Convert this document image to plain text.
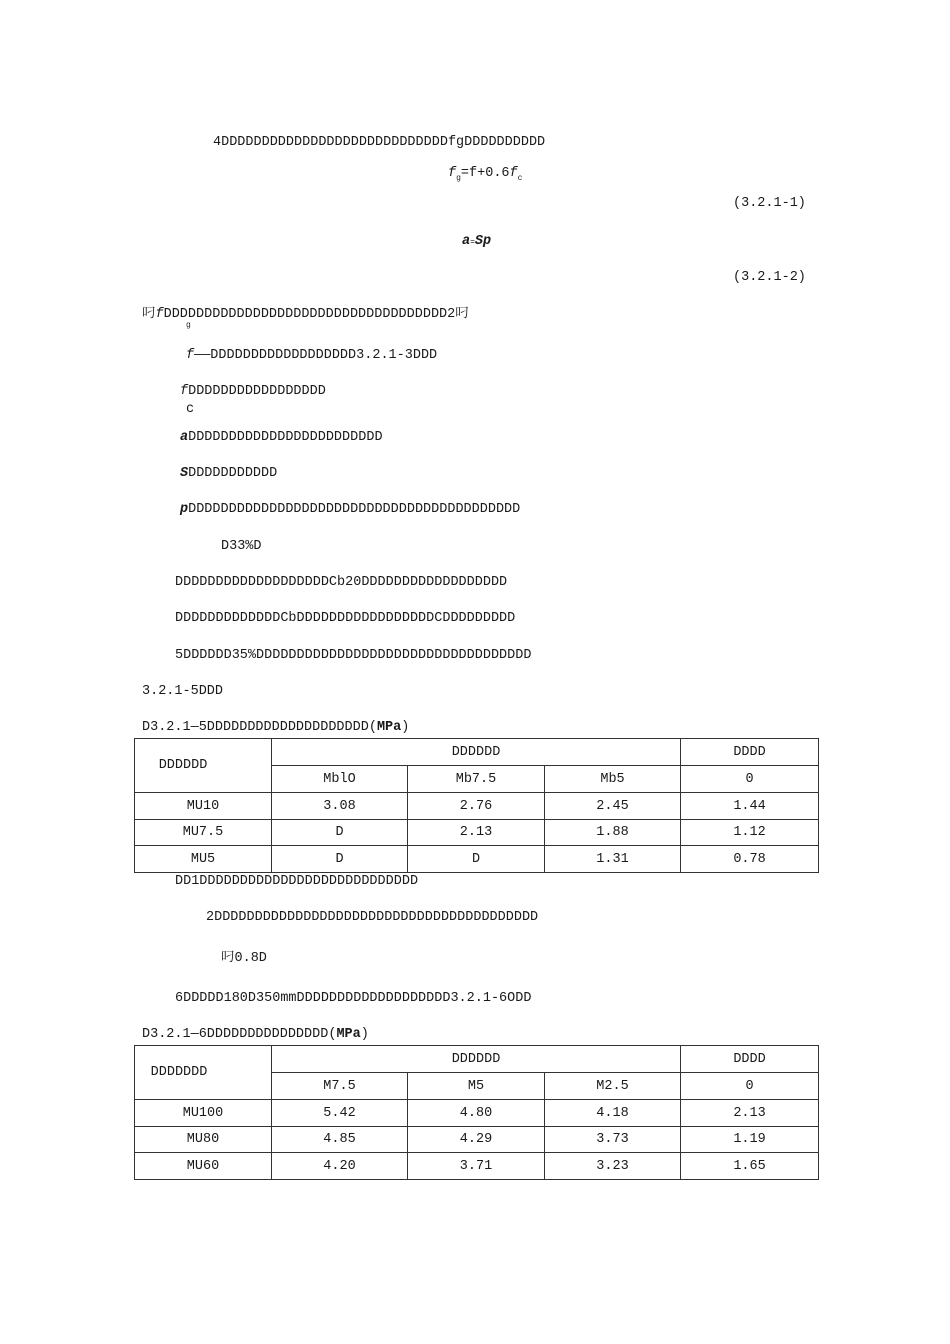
4DDDDDDDDDDDDDDDDDDDDDDDDDDDDfgDDDDDDDDDD
$f_g=f+0.6f_c$
(3.2.1-1)
a=Sp
(3.2.1-2)
叼fDDDDDDDDDDDDDDDDDDDDDDDDDDDDDDDDDDD2叼
g
f——DDDDDDDDDDDDDDDDDD3.2.1-3DDD
fDDDDDDDDDDDDDDDDD
c
aDDDDDDDDDDDDDDDDDDDDDDDD
SDDDDDDDDDDD
pDDDDDDDDDDDDDDDDDDDDDDDDDDDDDDDDDDDDDDDDD
D33%D
DDDDDDDDDDDDDDDDDDDCb20DDDDDDDDDDDDDDDDDD
DDDDDDDDDDDDDCbDDDDDDDDDDDDDDDDDCDDDDDDDDD
5DDDDDD35%DDDDDDDDDDDDDDDDDDDDDDDDDDDDDDDDDD
3.2.1-5DDD
D3.2.1—5DDDDDDDDDDDDDDDDDDDD(MPa)
DDDDDD	DDDDDD			DDDD
	MblO	Mb7.5	Mb5	0
MU10	3.08	2.76	2.45	1.44
MU7.5	D	2.13	1.88	1.12
MU5	D	D	1.31	0.78
DD1DDDDDDDDDDDDDDDDDDDDDDDDDDD
2DDDDDDDDDDDDDDDDDDDDDDDDDDDDDDDDDDDDDDDD
叼0.8D
6DDDDD180D350mmDDDDDDDDDDDDDDDDDDD3.2.1-6ODD
D3.2.1—6DDDDDDDDDDDDDDD(MPa)
DDDDDDD	DDDDDD			DDDD
	M7.5	M5	M2.5	0
MU100	5.42	4.80	4.18	2.13
MU80	4.85	4.29	3.73	1.19
MU60	4.20	3.71	3.23	1.65
